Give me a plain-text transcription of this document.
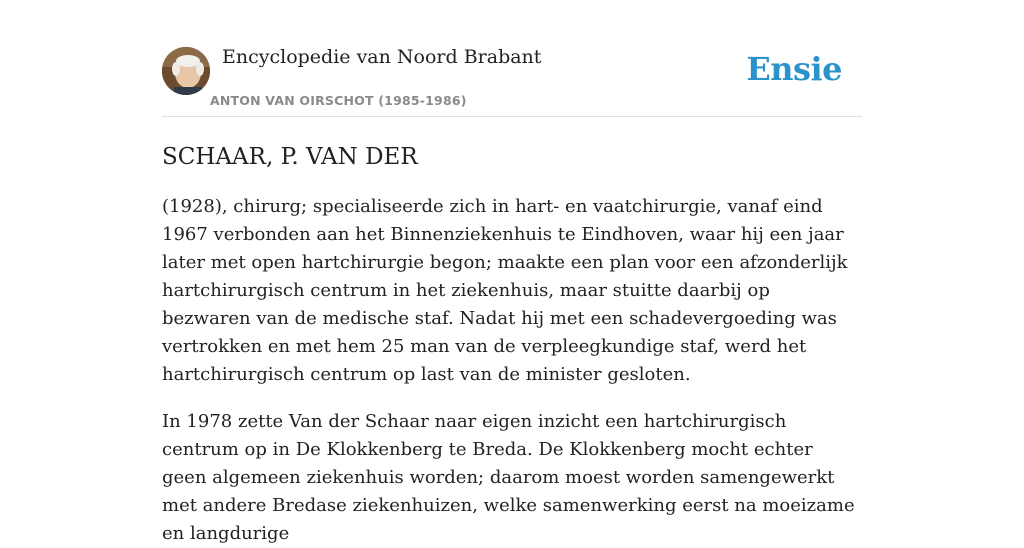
Encyclopedie van Noord Brabant
ANTON VAN OIRSCHOT (1985-1986)
Ensie
SCHAAR, P. VAN DER

(1928), chirurg; specialiseerde zich in hart- en vaatchirurgie, vanaf eind 1967 verbonden aan het Binnenziekenhuis te Eindhoven, waar hij een jaar later met open hartchirurgie begon; maakte een plan voor een afzonderlijk hartchirurgisch centrum in het ziekenhuis, maar stuitte daarbij op bezwaren van de medische staf. Nadat hij met een schadevergoeding was vertrokken en met hem 25 man van de verpleegkundige staf, werd het hartchirurgisch centrum op last van de minister gesloten.

In 1978 zette Van der Schaar naar eigen inzicht een hartchirurgisch centrum op in De Klokkenberg te Breda. De Klokkenberg mocht echter geen algemeen ziekenhuis worden; daarom moest worden samengewerkt met andere Bredase ziekenhuizen, welke samenwerking eerst na moeizame en langdurige
